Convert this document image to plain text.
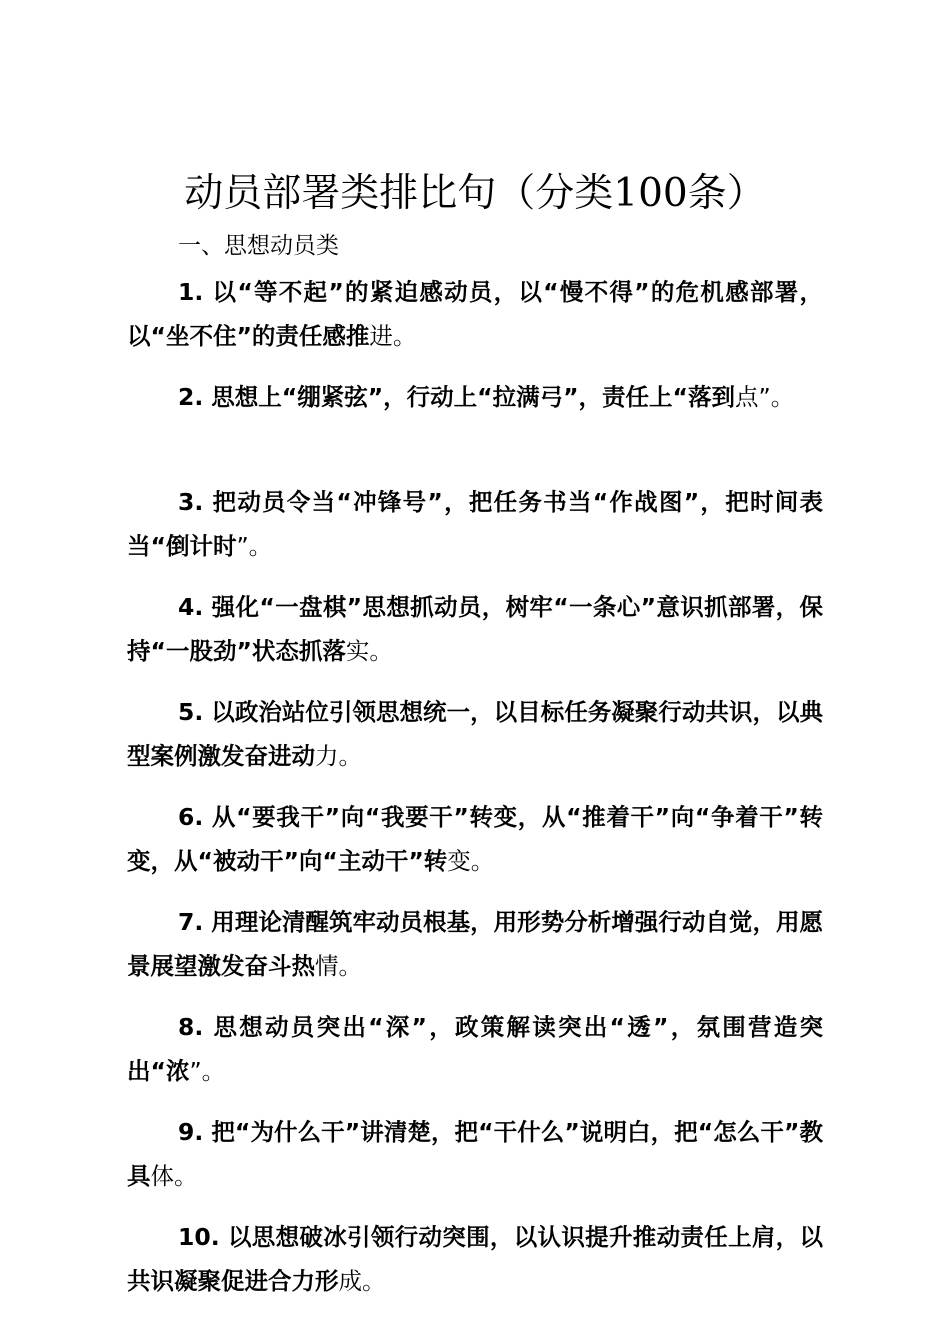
动员部署类排比句（分类100条）
一、思想动员类
1. 以“等不起”的紧迫感动员，以“慢不得”的危机感部署，以“坐不住”的责任感推进。
2. 思想上“绷紧弦”，行动上“拉满弓”，责任上“落到点”。
3. 把动员令当“冲锋号”，把任务书当“作战图”，把时间表当“倒计时”。
4. 强化“一盘棋”思想抓动员，树牢“一条心”意识抓部署，保持“一股劲”状态抓落实。
5. 以政治站位引领思想统一，以目标任务凝聚行动共识，以典型案例激发奋进动力。
6. 从“要我干”向“我要干”转变，从“推着干”向“争着干”转变，从“被动干”向“主动干”转变。
7. 用理论清醒筑牢动员根基，用形势分析增强行动自觉，用愿景展望激发奋斗热情。
8. 思想动员突出“深”，政策解读突出“透”，氛围营造突出“浓”。
9. 把“为什么干”讲清楚，把“干什么”说明白，把“怎么干”教具体。
10. 以思想破冰引领行动突围，以认识提升推动责任上肩，以共识凝聚促进合力形成。
